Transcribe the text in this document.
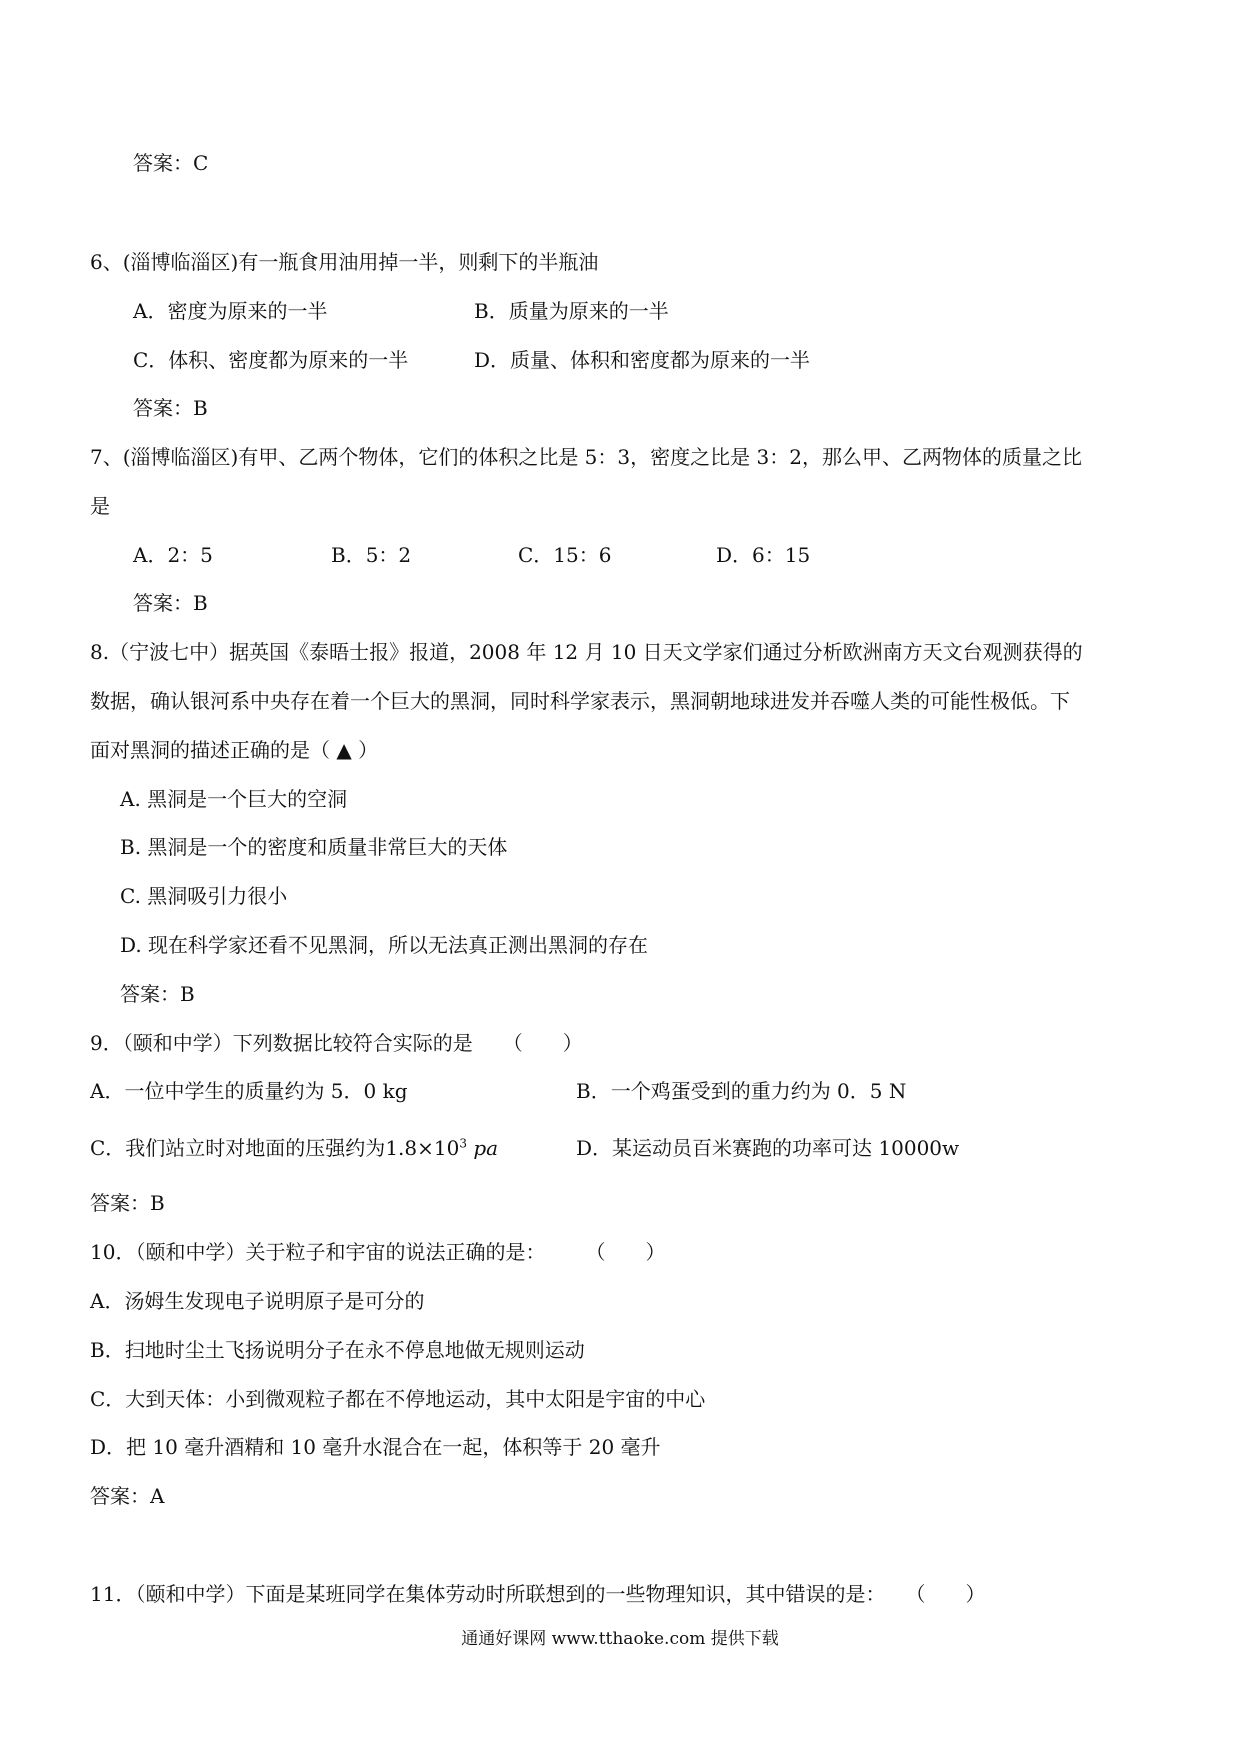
答案：C
6、(淄博临淄区)有一瓶食用油用掉一半，则剩下的半瓶油
A．密度为原来的一半	B．质量为原来的一半
C．体积、密度都为原来的一半	D．质量、体积和密度都为原来的一半
答案：B
7、(淄博临淄区)有甲、乙两个物体，它们的体积之比是 5：3，密度之比是 3：2，那么甲、乙两物体的质量之比
是
A．2：5	B．5：2	C．15：6	D．6：15
答案：B
8.（宁波七中）据英国《泰晤士报》报道，2008 年 12 月 10 日天文学家们通过分析欧洲南方天文台观测获得的
数据，确认银河系中央存在着一个巨大的黑洞，同时科学家表示，黑洞朝地球进发并吞噬人类的可能性极低。下
面对黑洞的描述正确的是（ ▲ ）
A. 黑洞是一个巨大的空洞
B. 黑洞是一个的密度和质量非常巨大的天体
C. 黑洞吸引力很小
D. 现在科学家还看不见黑洞，所以无法真正测出黑洞的存在
答案：B
9．（颐和中学）下列数据比较符合实际的是　　（　　）
A．一位中学生的质量约为 5．0 kg	B．一个鸡蛋受到的重力约为 0．5 N
C．我们站立时对地面的压强约为$1.8\times 10^3$ pa	D．某运动员百米赛跑的功率可达 10000w
答案：B
10．（颐和中学）关于粒子和宇宙的说法正确的是：　　　（　　）
A．汤姆生发现电子说明原子是可分的
B．扫地时尘土飞扬说明分子在永不停息地做无规则运动
C．大到天体：小到微观粒子都在不停地运动，其中太阳是宇宙的中心
D．把 10 毫升酒精和 10 毫升水混合在一起，体积等于 20 毫升
答案：A
11．（颐和中学）下面是某班同学在集体劳动时所联想到的一些物理知识，其中错误的是：　　（　　）
通通好课网 www.tthaoke.com 提供下载
